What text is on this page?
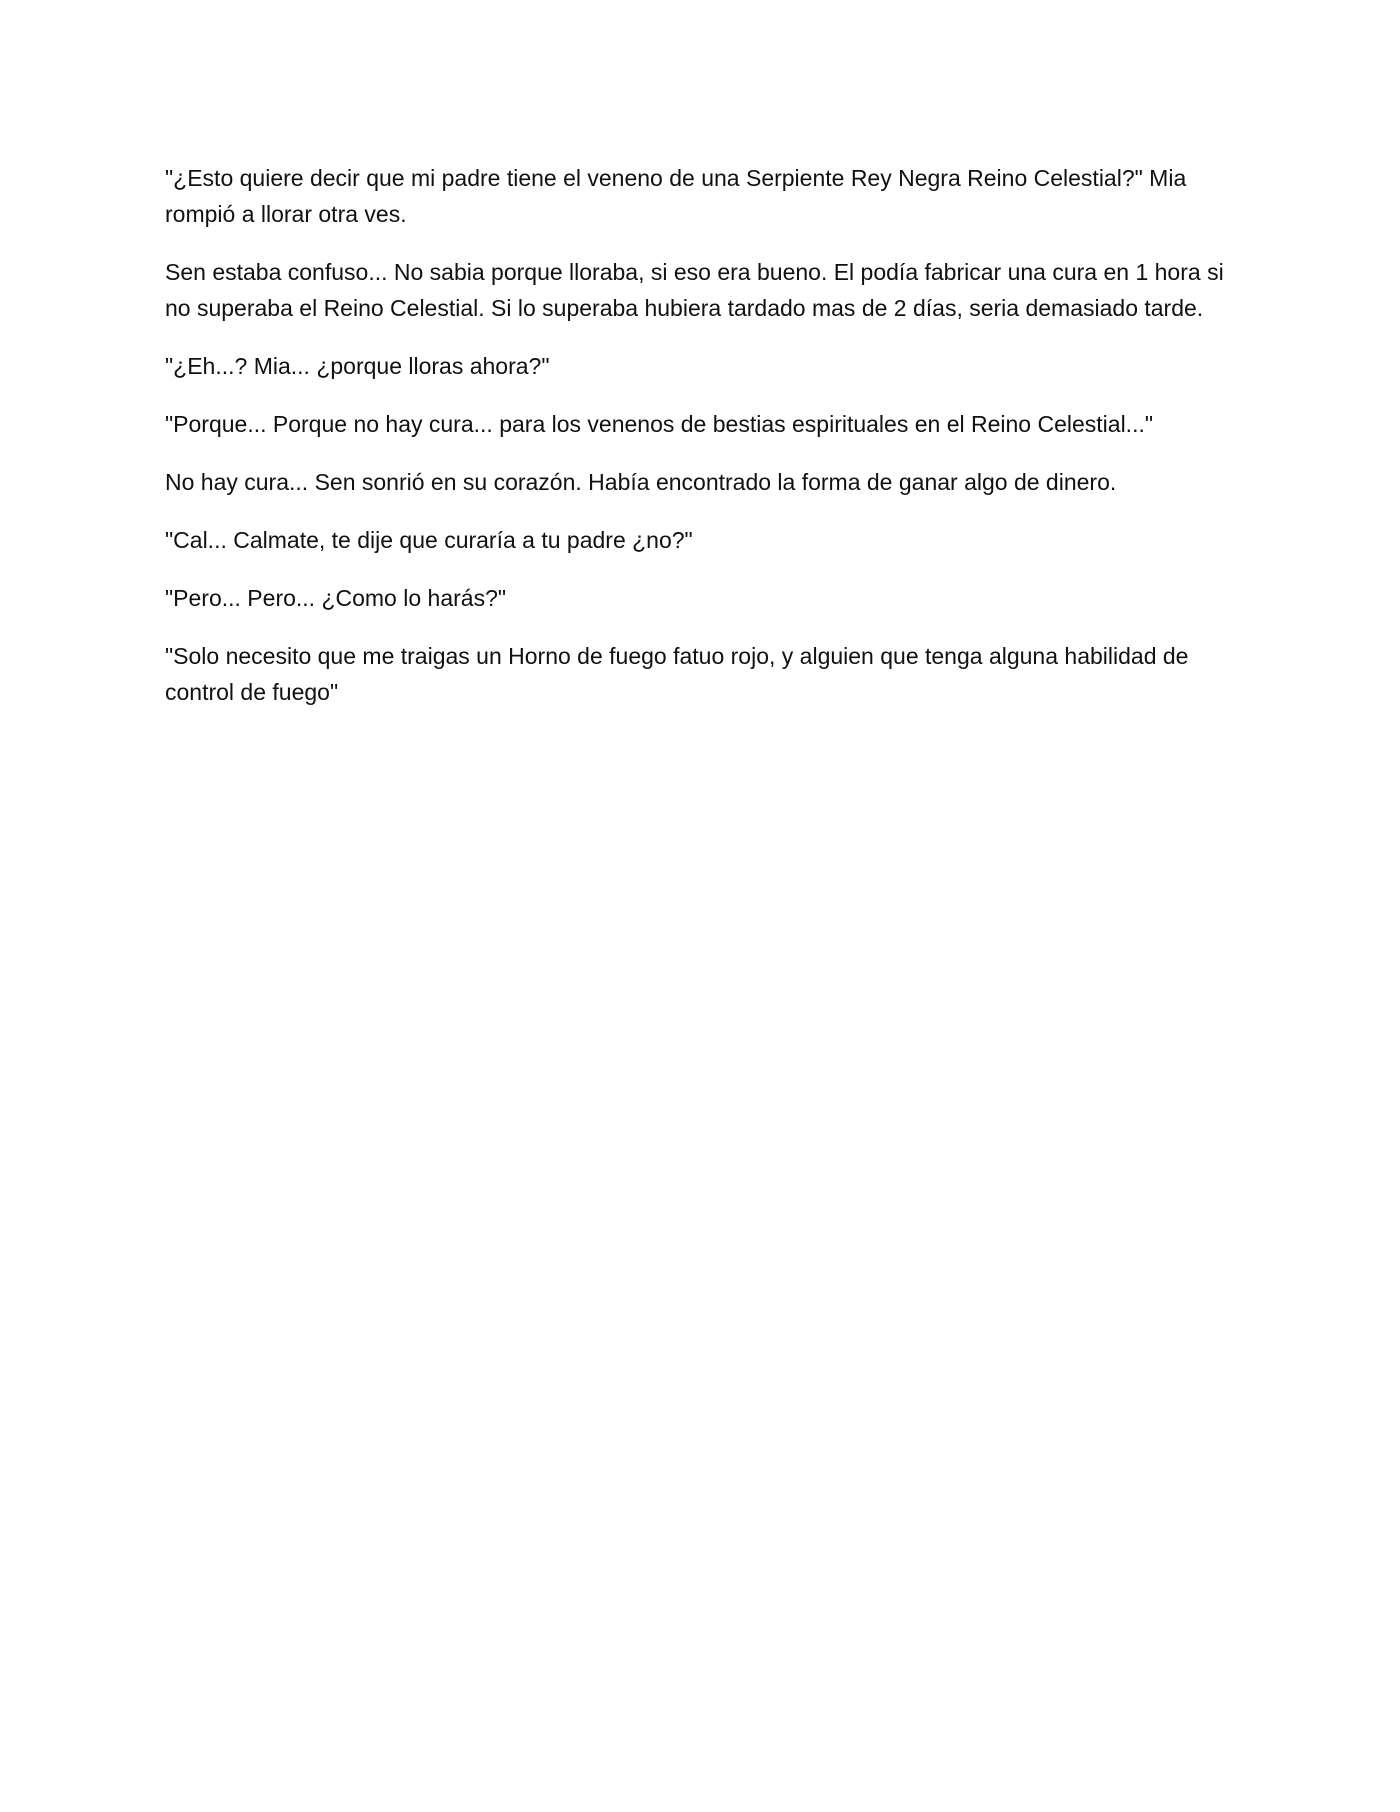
"¿Esto quiere decir que mi padre tiene el veneno de una Serpiente Rey Negra Reino Celestial?" Mia rompió a llorar otra ves.

Sen estaba confuso... No sabia porque lloraba, si eso era bueno. El podía fabricar una cura en 1 hora si no superaba el Reino Celestial. Si lo superaba hubiera tardado mas de 2 días, seria demasiado tarde.

"¿Eh...? Mia... ¿porque lloras ahora?"

"Porque... Porque no hay cura... para los venenos de bestias espirituales en el Reino Celestial..."

No hay cura... Sen sonrió en su corazón. Había encontrado la forma de ganar algo de dinero.

"Cal... Calmate, te dije que curaría a tu padre ¿no?"

"Pero... Pero... ¿Como lo harás?"

"Solo necesito que me traigas un Horno de fuego fatuo rojo, y alguien que tenga alguna habilidad de control de fuego"
